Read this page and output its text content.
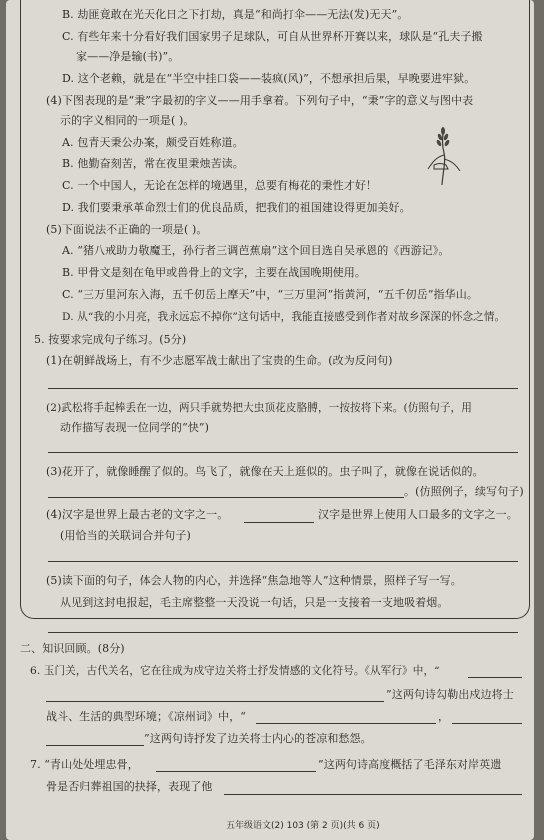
B. 劫匪竟敢在光天化日之下打劫，真是“和尚打伞——无法(发)无天”。
C. 有些年来十分看好我们国家男子足球队，可自从世界杯开赛以来，球队是“孔夫子搬
家——净是输(书)”。
D. 这个老赖，就是在“半空中挂口袋——装疯(风)”，不想承担后果，早晚要进牢狱。
(4)下图表现的是“秉”字最初的字义——用手拿着。下列句子中，“秉”字的意义与图中表
示的字义相同的一项是( )。
A. 包青天秉公办案，颇受百姓称道。
B. 他勤奋刻苦，常在夜里秉烛苦读。
C. 一个中国人，无论在怎样的境遇里，总要有梅花的秉性才好！
D. 我们要秉承革命烈士们的优良品质，把我们的祖国建设得更加美好。
(5)下面说法不正确的一项是( )。
A. “猪八戒助力敬魔王，孙行者三调芭蕉扇”这个回目选自吴承恩的《西游记》。
B. 甲骨文是刻在龟甲或兽骨上的文字，主要在战国晚期使用。
C. “三万里河东入海，五千仞岳上摩天”中，“三万里河”指黄河，“五千仞岳”指华山。
D. 从“我的小月亮，我永远忘不掉你”这句话中，我能直接感受到作者对故乡深深的怀念之情。
5. 按要求完成句子练习。(5分)
(1)在朝鲜战场上，有不少志愿军战士献出了宝贵的生命。(改为反问句)
(2)武松将手起棒丢在一边，两只手就势把大虫顶花皮胳膊，一按按将下来。(仿照句子，用
动作描写表现一位同学的“快”)
(3)花开了，就像睡醒了似的。鸟飞了，就像在天上逛似的。虫子叫了，就像在说话似的。
。(仿照例子，续写句子)
(4)汉字是世界上最古老的文字之一。	汉字是世界上使用人口最多的文字之一。
(用恰当的关联词合并句子)
(5)读下面的句子，体会人物的内心，并选择“焦急地等人”这种情景，照样子写一写。
从见到这封电报起，毛主席整整一天没说一句话，只是一支接着一支地吸着烟。
二、知识回顾。(8分)
6. 玉门关，古代关名，它在往成为戍守边关将士抒发情感的文化符号。《从军行》中，“
”这两句诗勾勒出戍边将士
战斗、生活的典型环境；《凉州词》中，“	，
”这两句诗抒发了边关将士内心的苍凉和愁怨。
7. “青山处处埋忠骨，	”这两句诗高度概括了毛泽东对岸英遗
骨是否归葬祖国的抉择，表现了他
五年级语文(2) 103 (第 2 页)(共 6 页)
